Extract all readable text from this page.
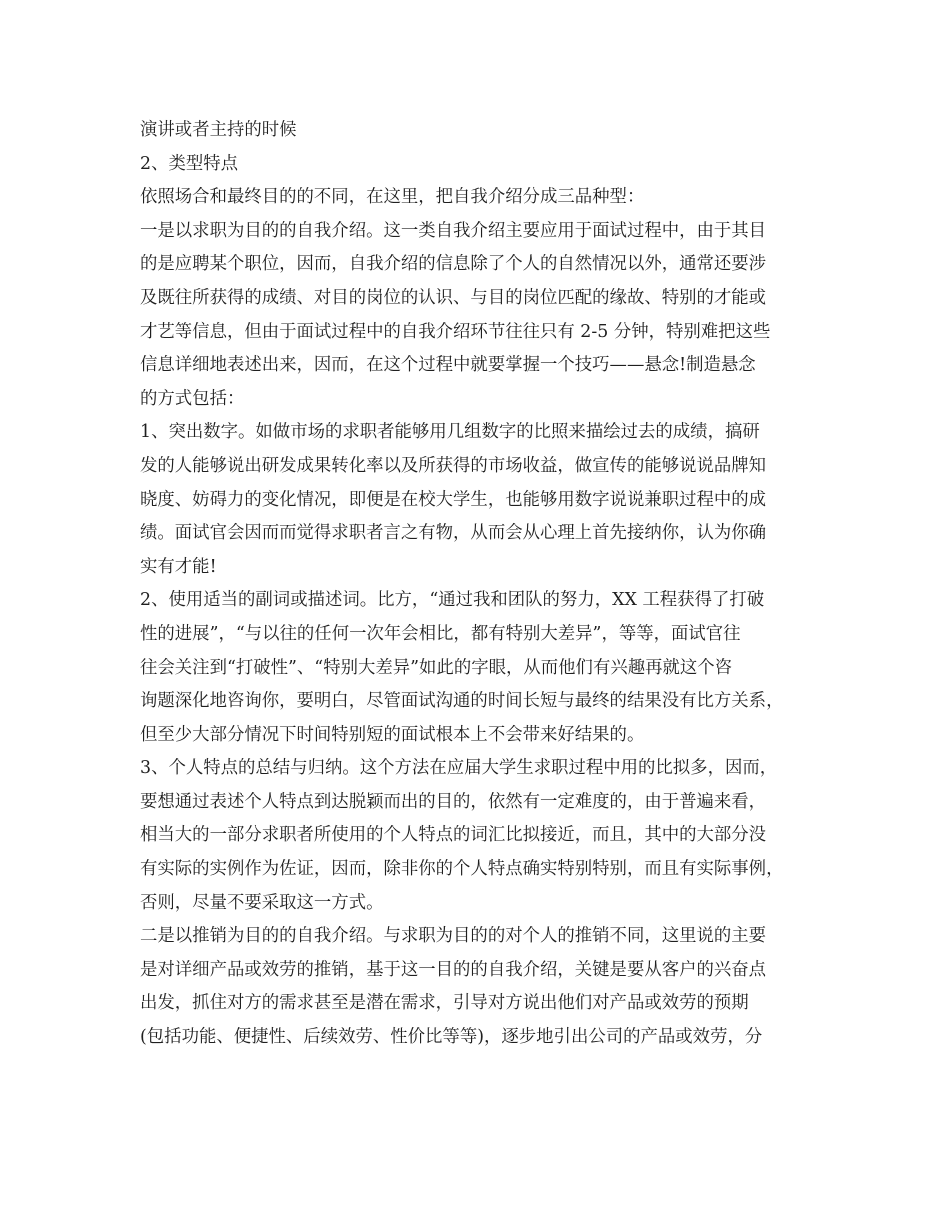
演讲或者主持的时候
2、类型特点
依照场合和最终目的的不同，在这里，把自我介绍分成三品种型：
一是以求职为目的的自我介绍。这一类自我介绍主要应用于面试过程中，由于其目
的是应聘某个职位，因而，自我介绍的信息除了个人的自然情况以外，通常还要涉
及既往所获得的成绩、对目的岗位的认识、与目的岗位匹配的缘故、特别的才能或
才艺等信息，但由于面试过程中的自我介绍环节往往只有 2-5 分钟，特别难把这些
信息详细地表述出来，因而，在这个过程中就要掌握一个技巧——悬念!制造悬念
的方式包括：
1、突出数字。如做市场的求职者能够用几组数字的比照来描绘过去的成绩，搞研
发的人能够说出研发成果转化率以及所获得的市场收益，做宣传的能够说说品牌知
晓度、妨碍力的变化情况，即便是在校大学生，也能够用数字说说兼职过程中的成
绩。面试官会因而而觉得求职者言之有物，从而会从心理上首先接纳你，认为你确
实有才能!
2、使用适当的副词或描述词。比方，“通过我和团队的努力，XX 工程获得了打破
性的进展”，“与以往的任何一次年会相比，都有特别大差异”，等等，面试官往
往会关注到“打破性”、“特别大差异”如此的字眼，从而他们有兴趣再就这个咨
询题深化地咨询你，要明白，尽管面试沟通的时间长短与最终的结果没有比方关系，
但至少大部分情况下时间特别短的面试根本上不会带来好结果的。
3、个人特点的总结与归纳。这个方法在应届大学生求职过程中用的比拟多，因而，
要想通过表述个人特点到达脱颖而出的目的，依然有一定难度的，由于普遍来看，
相当大的一部分求职者所使用的个人特点的词汇比拟接近，而且，其中的大部分没
有实际的实例作为佐证，因而，除非你的个人特点确实特别特别，而且有实际事例，
否则，尽量不要采取这一方式。
二是以推销为目的的自我介绍。与求职为目的的对个人的推销不同，这里说的主要
是对详细产品或效劳的推销，基于这一目的的自我介绍，关键是要从客户的兴奋点
出发，抓住对方的需求甚至是潜在需求，引导对方说出他们对产品或效劳的预期
(包括功能、便捷性、后续效劳、性价比等等)，逐步地引出公司的产品或效劳，分
